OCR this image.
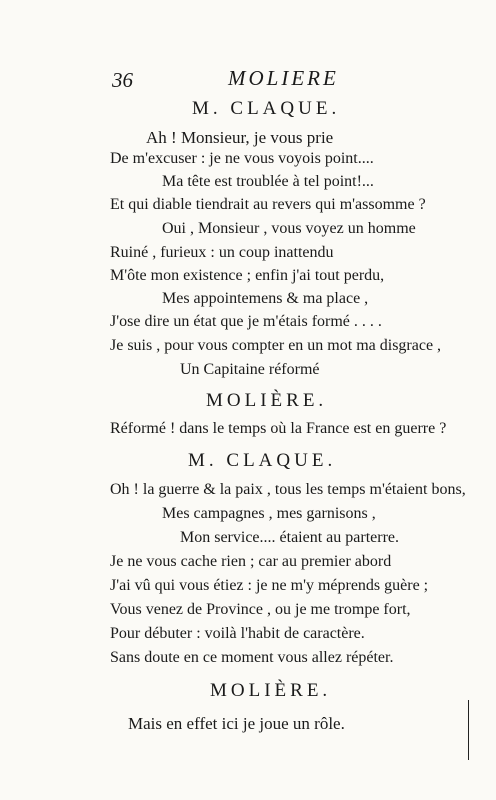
36	MOLIERE
M. CLAQUE.
Ah ! Monsieur, je vous prie
De m'excuser : je ne vous voyois point....
Ma tête est troublée à tel point!...
Et qui diable tiendrait au revers qui m'assomme ?
Oui , Monsieur , vous voyez un homme
Ruiné , furieux : un coup inattendu
M'ôte mon existence ; enfin j'ai tout perdu,
Mes appointemens & ma place ,
J'ose dire un état que je m'étais formé . . . .
Je suis , pour vous compter en un mot ma disgrace ,
Un Capitaine réformé
MOLIÈRE.
Réformé ! dans le temps où la France est en guerre ?
M. CLAQUE.
Oh ! la guerre & la paix , tous les temps m'étaient bons,
Mes campagnes , mes garnisons ,
Mon service.... étaient au parterre.
Je ne vous cache rien ; car au premier abord
J'ai vû qui vous étiez : je ne m'y méprends guère ;
Vous venez de Province , ou je me trompe fort,
Pour débuter : voilà l'habit de caractère.
Sans doute en ce moment vous allez répéter.
MOLIÈRE.
Mais en effet ici je joue un rôle.
